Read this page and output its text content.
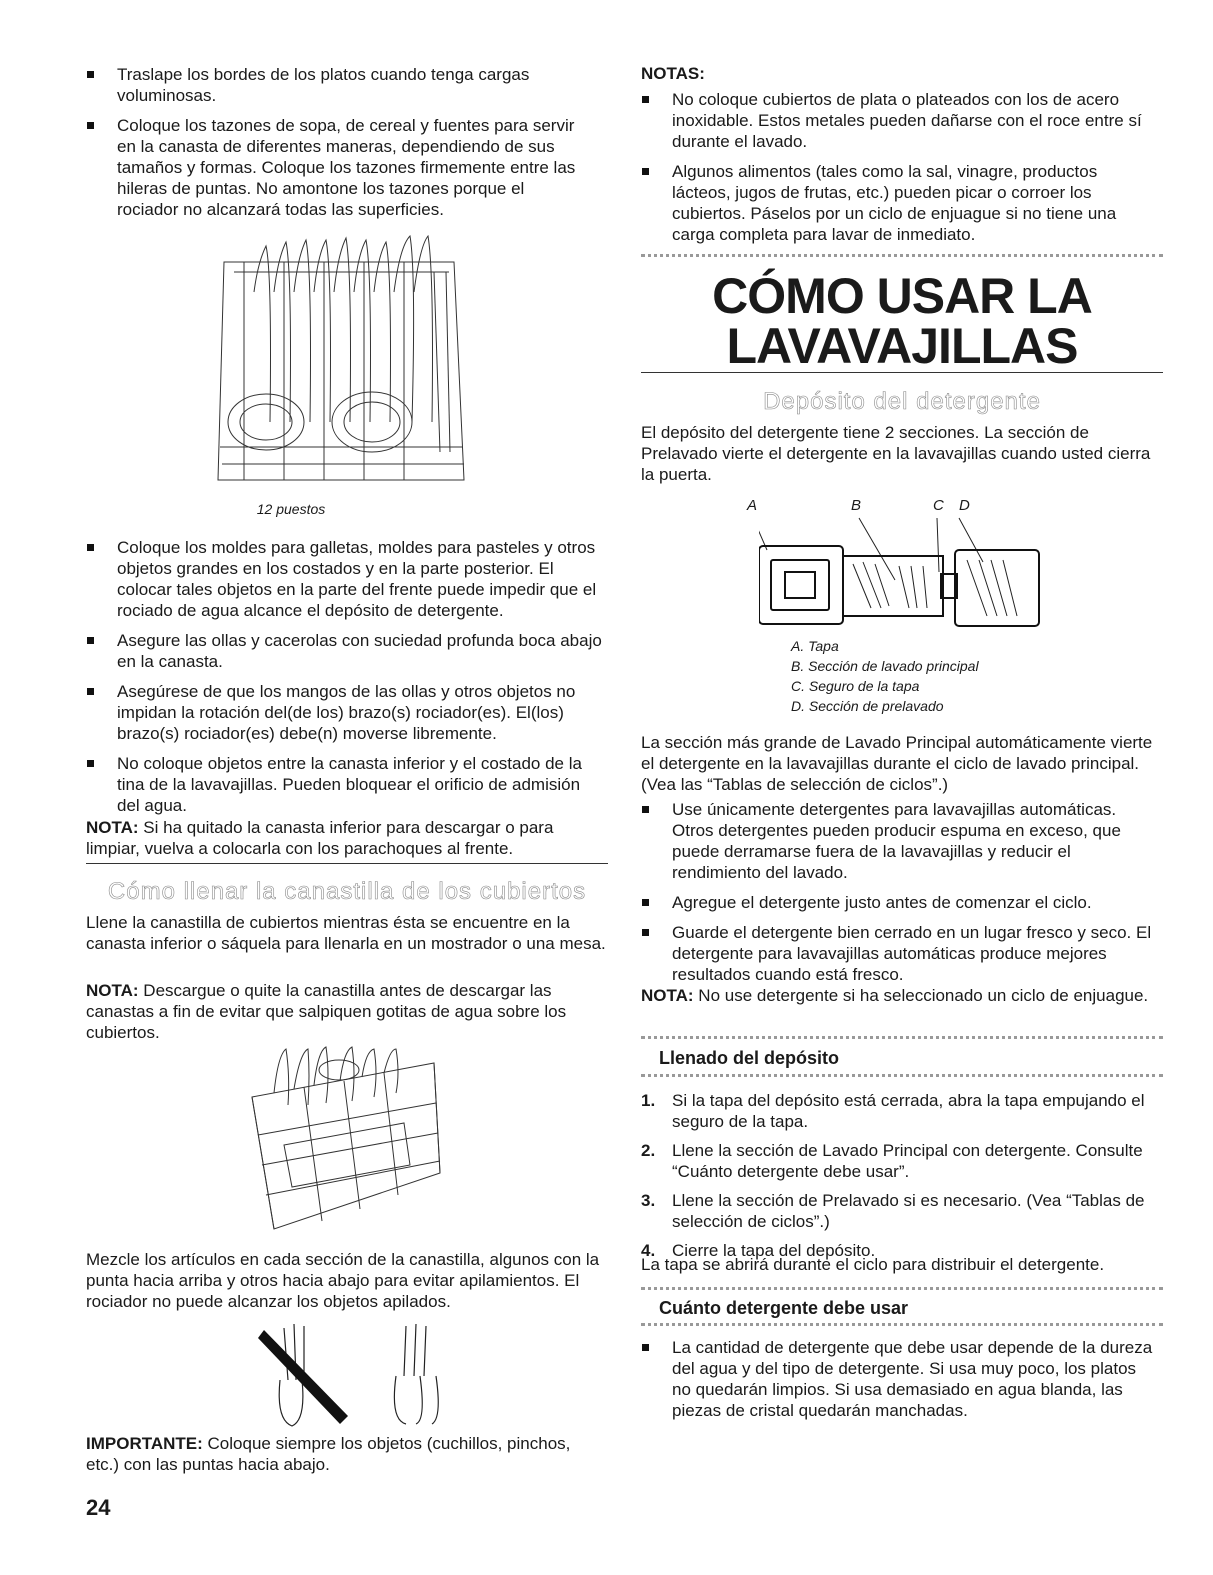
Traslape los bordes de los platos cuando tenga cargas voluminosas.
Coloque los tazones de sopa, de cereal y fuentes para servir en la canasta de diferentes maneras, dependiendo de sus tamaños y formas. Coloque los tazones firmemente entre las hileras de puntas. No amontone los tazones porque el rociador no alcanzará todas las superficies.
12 puestos
Coloque los moldes para galletas, moldes para pasteles y otros objetos grandes en los costados y en la parte posterior. El colocar tales objetos en la parte del frente puede impedir que el rociado de agua alcance el depósito de detergente.
Asegure las ollas y cacerolas con suciedad profunda boca abajo en la canasta.
Asegúrese de que los mangos de las ollas y otros objetos no impidan la rotación del(de los) brazo(s) rociador(es). El(los) brazo(s) rociador(es) debe(n) moverse libremente.
No coloque objetos entre la canasta inferior y el costado de la tina de la lavavajillas. Pueden bloquear el orificio de admisión del agua.

NOTA: Si ha quitado la canasta inferior para descargar o para limpiar, vuelva a colocarla con los parachoques al frente.

Cómo llenar la canastilla de los cubiertos

Llene la canastilla de cubiertos mientras ésta se encuentre en la canasta inferior o sáquela para llenarla en un mostrador o una mesa.

NOTA: Descargue o quite la canastilla antes de descargar las canastas a fin de evitar que salpiquen gotitas de agua sobre los cubiertos.

Mezcle los artículos en cada sección de la canastilla, algunos con la punta hacia arriba y otros hacia abajo para evitar apilamientos. El rociador no puede alcanzar los objetos apilados.

IMPORTANTE: Coloque siempre los objetos (cuchillos, pinchos, etc.) con las puntas hacia abajo.

24
NOTAS:
No coloque cubiertos de plata o plateados con los de acero inoxidable. Estos metales pueden dañarse con el roce entre sí durante el lavado.
Algunos alimentos (tales como la sal, vinagre, productos lácteos, jugos de frutas, etc.) pueden picar o corroer los cubiertos. Páselos por un ciclo de enjuague si no tiene una carga completa para lavar de inmediato.
CÓMO USAR LA
LAVAVAJILLAS
Depósito del detergente

El depósito del detergente tiene 2 secciones. La sección de Prelavado vierte el detergente en la lavavajillas cuando usted cierra la puerta.

A	B	C D
A. Tapa
B. Sección de lavado principal
C. Seguro de la tapa
D. Sección de prelavado

La sección más grande de Lavado Principal automáticamente vierte el detergente en la lavavajillas durante el ciclo de lavado principal. (Vea las “Tablas de selección de ciclos”.)

Use únicamente detergentes para lavavajillas automáticas. Otros detergentes pueden producir espuma en exceso, que puede derramarse fuera de la lavavajillas y reducir el rendimiento del lavado.
Agregue el detergente justo antes de comenzar el ciclo.
Guarde el detergente bien cerrado en un lugar fresco y seco. El detergente para lavavajillas automáticas produce mejores resultados cuando está fresco.

NOTA: No use detergente si ha seleccionado un ciclo de enjuague.

Llenado del depósito
1. Si la tapa del depósito está cerrada, abra la tapa empujando el seguro de la tapa.
2. Llene la sección de Lavado Principal con detergente. Consulte “Cuánto detergente debe usar”.
3. Llene la sección de Prelavado si es necesario. (Vea “Tablas de selección de ciclos”.)
4. Cierre la tapa del depósito.

La tapa se abrirá durante el ciclo para distribuir el detergente.

Cuánto detergente debe usar
La cantidad de detergente que debe usar depende de la dureza del agua y del tipo de detergente. Si usa muy poco, los platos no quedarán limpios. Si usa demasiado en agua blanda, las piezas de cristal quedarán manchadas.
